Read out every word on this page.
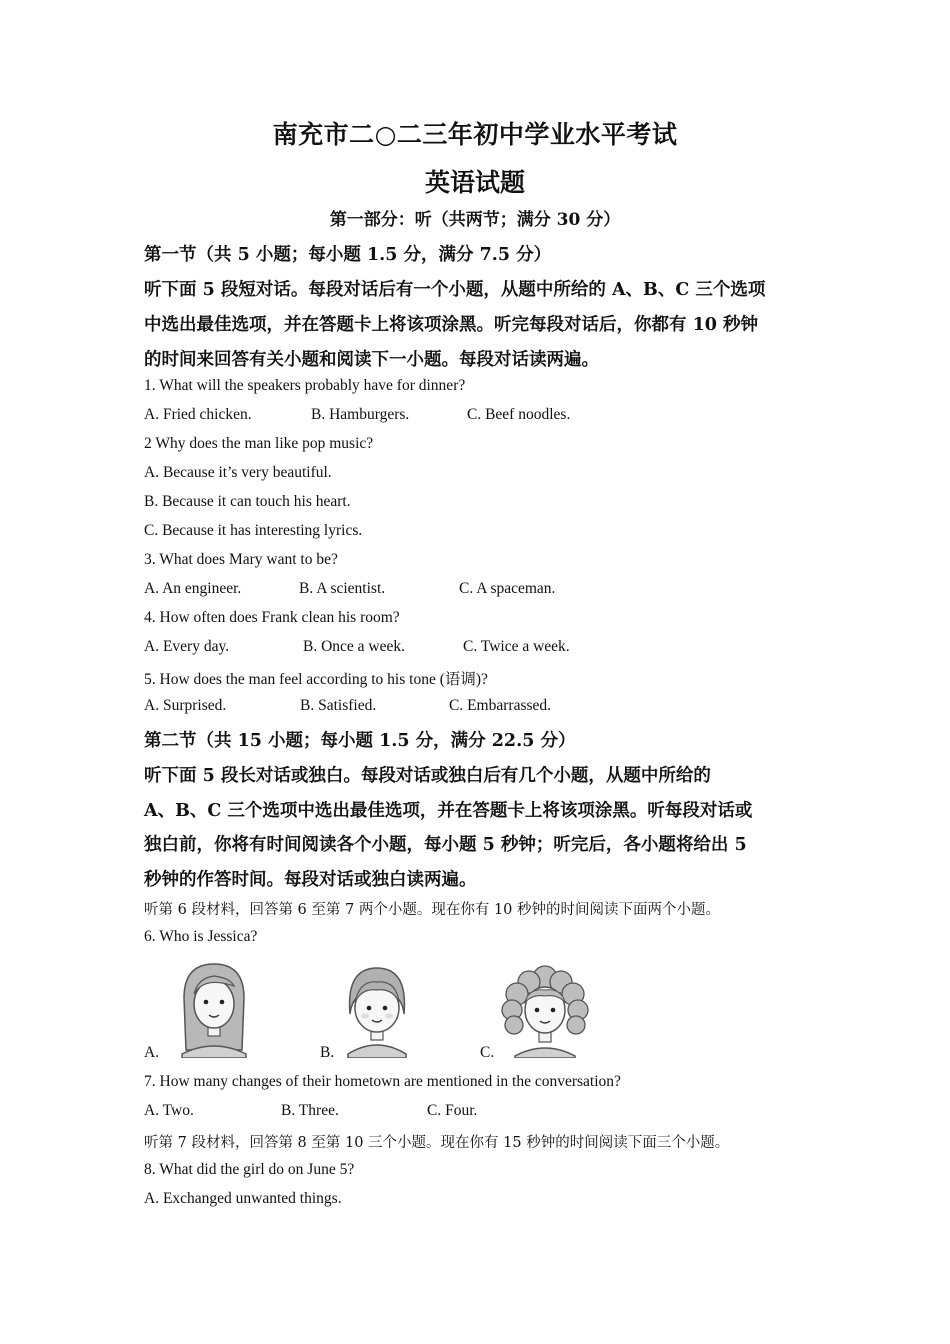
南充市二○二三年初中学业水平考试
英语试题
第一部分：听（共两节；满分 30 分）
第一节（共 5 小题；每小题 1.5 分，满分 7.5 分）
听下面 5 段短对话。每段对话后有一个小题，从题中所给的 A、B、C 三个选项
中选出最佳选项，并在答题卡上将该项涂黑。听完每段对话后，你都有 10 秒钟
的时间来回答有关小题和阅读下一小题。每段对话读两遍。
1. What will the speakers probably have for dinner?
A. Fried chicken.	B. Hamburgers.	C. Beef noodles.
2 Why does the man like pop music?
A. Because it’s very beautiful.
B. Because it can touch his heart.
C. Because it has interesting lyrics.
3. What does Mary want to be?
A. An engineer.	B. A scientist.	C. A spaceman.
4. How often does Frank clean his room?
A. Every day.	B. Once a week.	C. Twice a week.
5. How does the man feel according to his tone (语调)?
A. Surprised.	B. Satisfied.	C. Embarrassed.
第二节（共 15 小题；每小题 1.5 分，满分 22.5 分）
听下面 5 段长对话或独白。每段对话或独白后有几个小题，从题中所给的
A、B、C 三个选项中选出最佳选项，并在答题卡上将该项涂黑。听每段对话或
独白前，你将有时间阅读各个小题，每小题 5 秒钟；听完后，各小题将给出 5
秒钟的作答时间。每段对话或独白读两遍。
听第 6 段材料，回答第 6 至第 7 两个小题。现在你有 10 秒钟的时间阅读下面两个小题。
6. Who is Jessica?
A.	B.	C.
7. How many changes of their hometown are mentioned in the conversation?
A. Two.	B. Three.	C. Four.
听第 7 段材料，回答第 8 至第 10 三个小题。现在你有 15 秒钟的时间阅读下面三个小题。
8. What did the girl do on June 5?
A. Exchanged unwanted things.
